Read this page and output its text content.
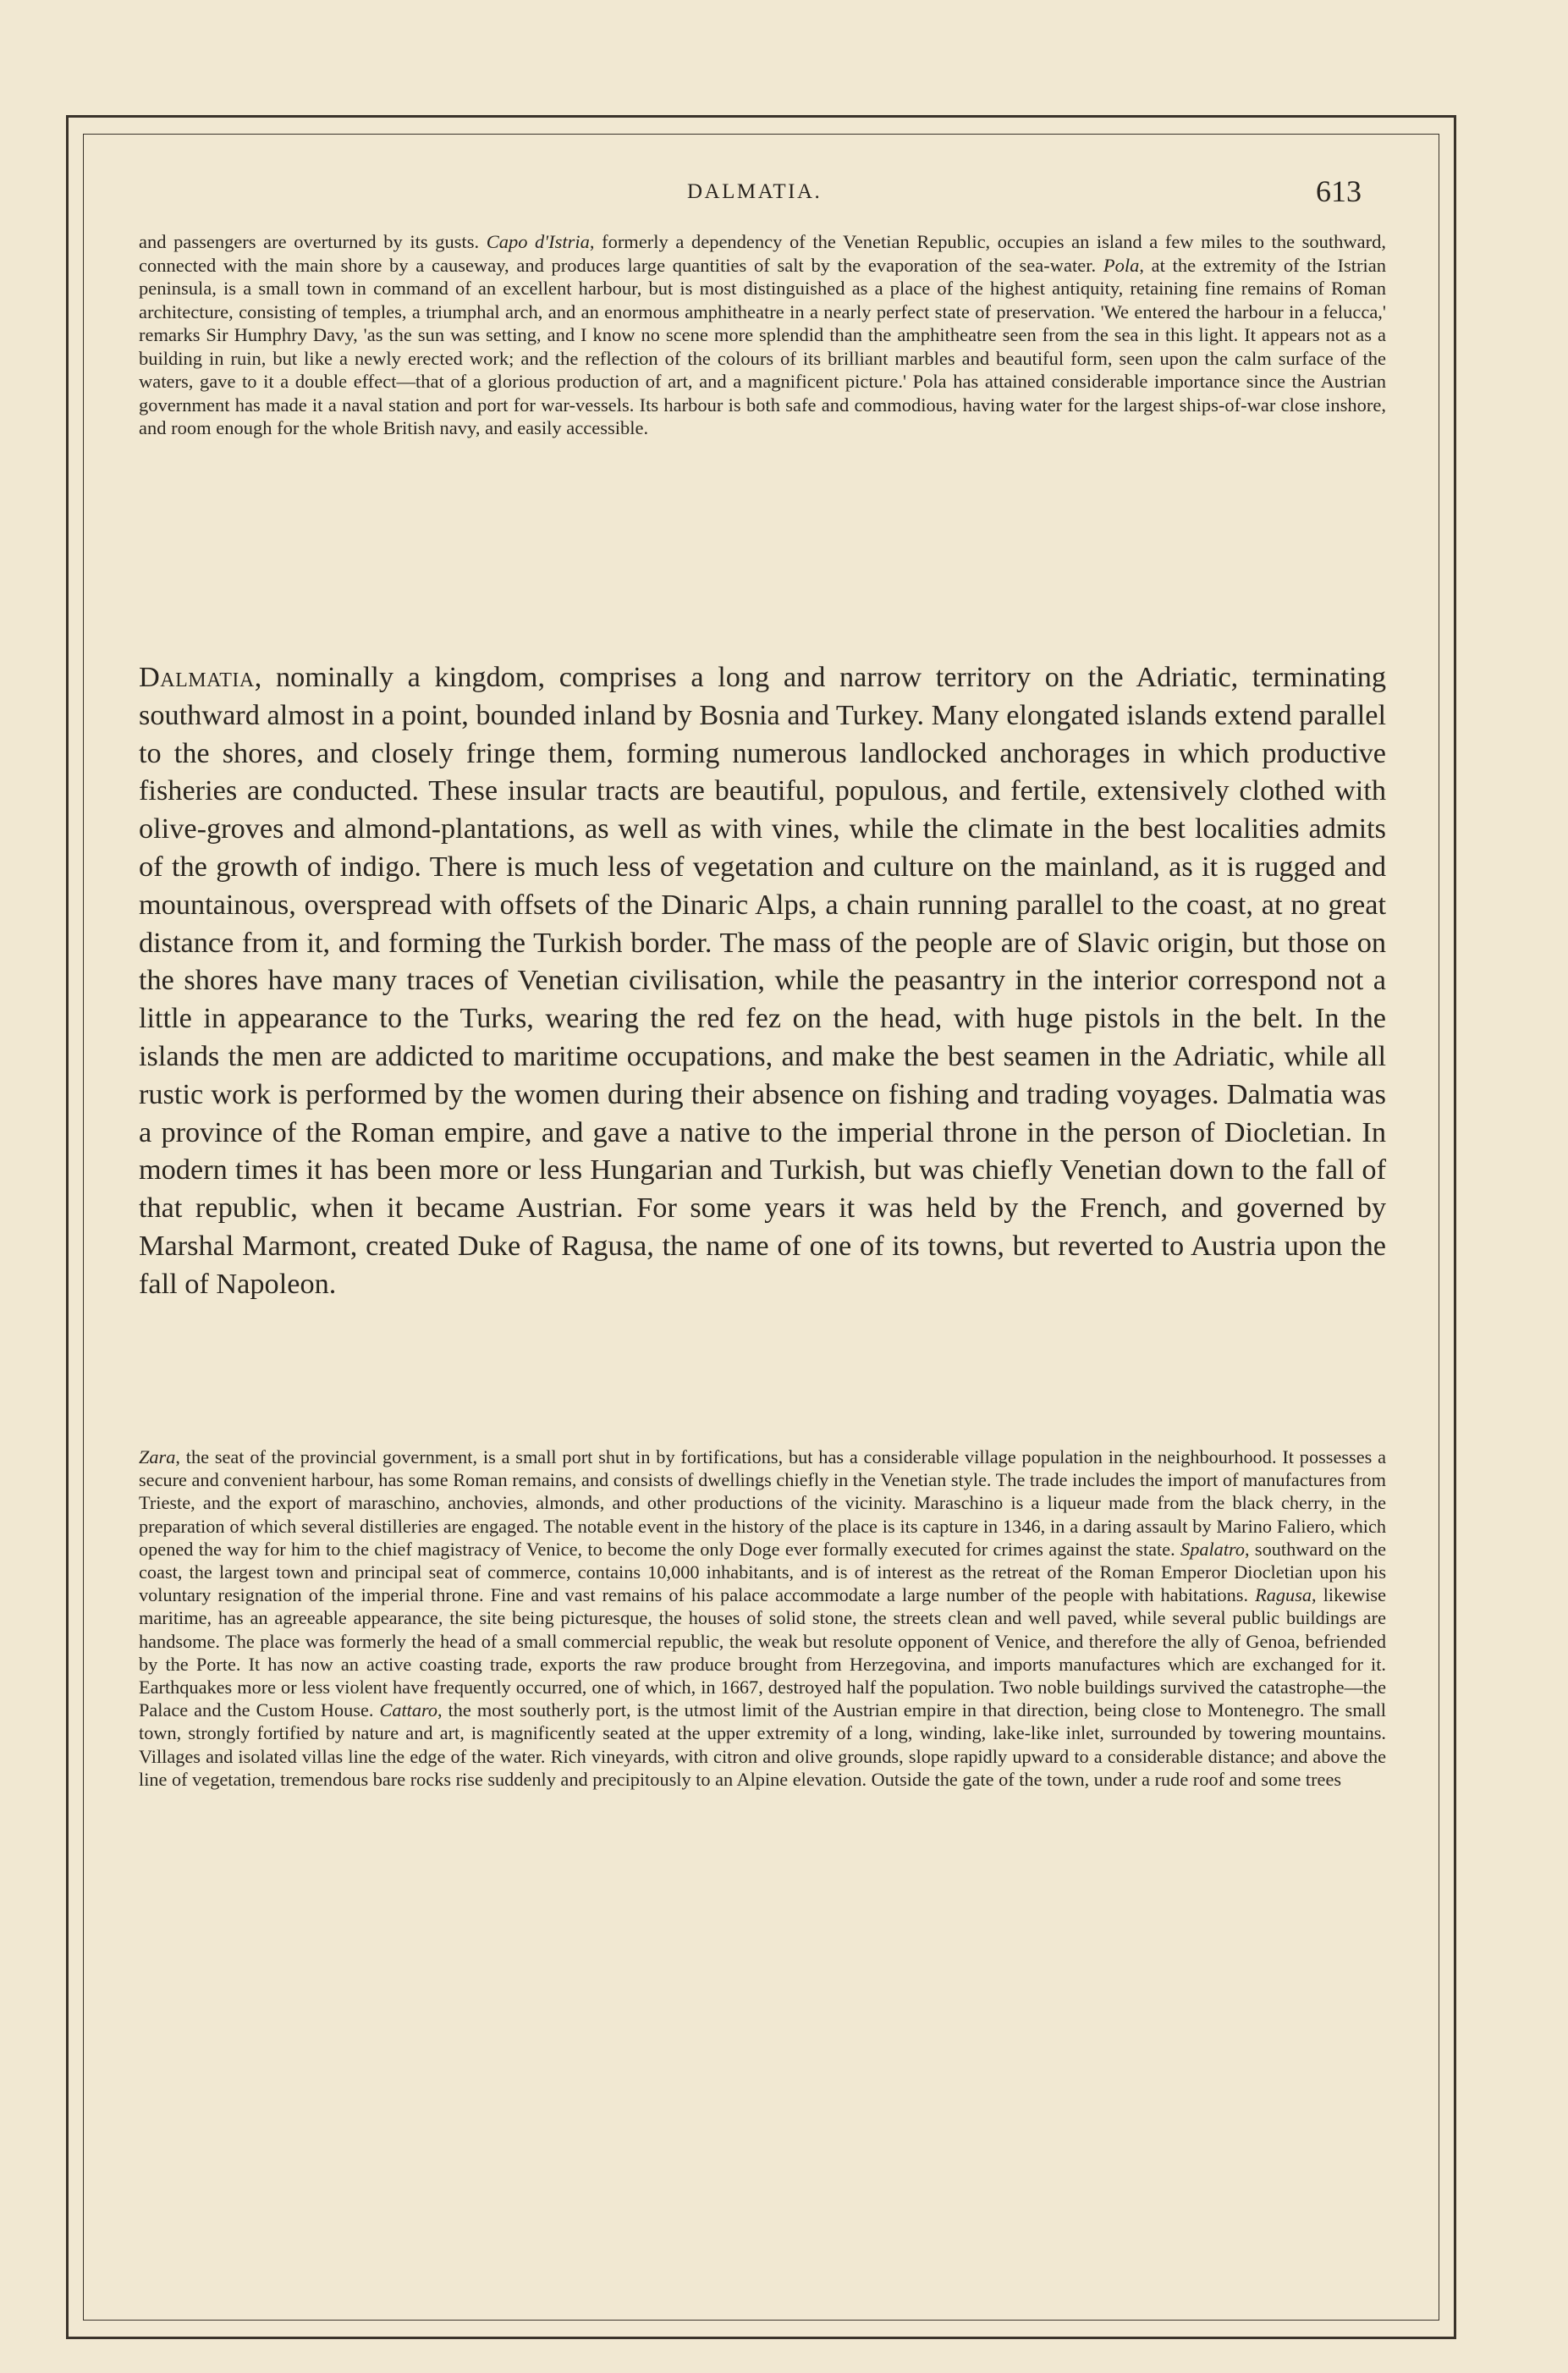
DALMATIA.	613

and passengers are overturned by its gusts. Capo d'Istria, formerly a dependency of the Venetian Republic, occupies an island a few miles to the southward, connected with the main shore by a causeway, and produces large quantities of salt by the evaporation of the sea-water. Pola, at the extremity of the Istrian peninsula, is a small town in command of an excellent harbour, but is most distinguished as a place of the highest antiquity, retaining fine remains of Roman architecture, consisting of temples, a triumphal arch, and an enormous amphitheatre in a nearly perfect state of preservation. 'We entered the harbour in a felucca,' remarks Sir Humphry Davy, 'as the sun was setting, and I know no scene more splendid than the amphitheatre seen from the sea in this light. It appears not as a building in ruin, but like a newly erected work; and the reflection of the colours of its brilliant marbles and beautiful form, seen upon the calm surface of the waters, gave to it a double effect—that of a glorious production of art, and a magnificent picture.' Pola has attained considerable importance since the Austrian government has made it a naval station and port for war-vessels. Its harbour is both safe and commodious, having water for the largest ships-of-war close inshore, and room enough for the whole British navy, and easily accessible.

Dalmatia, nominally a kingdom, comprises a long and narrow territory on the Adriatic, terminating southward almost in a point, bounded inland by Bosnia and Turkey. Many elongated islands extend parallel to the shores, and closely fringe them, forming numerous landlocked anchorages in which productive fisheries are conducted. These insular tracts are beautiful, populous, and fertile, extensively clothed with olive-groves and almond-plantations, as well as with vines, while the climate in the best localities admits of the growth of indigo. There is much less of vegetation and culture on the mainland, as it is rugged and mountainous, overspread with offsets of the Dinaric Alps, a chain running parallel to the coast, at no great distance from it, and forming the Turkish border. The mass of the people are of Slavic origin, but those on the shores have many traces of Venetian civilisation, while the peasantry in the interior correspond not a little in appearance to the Turks, wearing the red fez on the head, with huge pistols in the belt. In the islands the men are addicted to maritime occupations, and make the best seamen in the Adriatic, while all rustic work is performed by the women during their absence on fishing and trading voyages. Dalmatia was a province of the Roman empire, and gave a native to the imperial throne in the person of Diocletian. In modern times it has been more or less Hungarian and Turkish, but was chiefly Venetian down to the fall of that republic, when it became Austrian. For some years it was held by the French, and governed by Marshal Marmont, created Duke of Ragusa, the name of one of its towns, but reverted to Austria upon the fall of Napoleon.

Zara, the seat of the provincial government, is a small port shut in by fortifications, but has a considerable village population in the neighbourhood. It possesses a secure and convenient harbour, has some Roman remains, and consists of dwellings chiefly in the Venetian style. The trade includes the import of manufactures from Trieste, and the export of maraschino, anchovies, almonds, and other productions of the vicinity. Maraschino is a liqueur made from the black cherry, in the preparation of which several distilleries are engaged. The notable event in the history of the place is its capture in 1346, in a daring assault by Marino Faliero, which opened the way for him to the chief magistracy of Venice, to become the only Doge ever formally executed for crimes against the state. Spalatro, southward on the coast, the largest town and principal seat of commerce, contains 10,000 inhabitants, and is of interest as the retreat of the Roman Emperor Diocletian upon his voluntary resignation of the imperial throne. Fine and vast remains of his palace accommodate a large number of the people with habitations. Ragusa, likewise maritime, has an agreeable appearance, the site being picturesque, the houses of solid stone, the streets clean and well paved, while several public buildings are handsome. The place was formerly the head of a small commercial republic, the weak but resolute opponent of Venice, and therefore the ally of Genoa, befriended by the Porte. It has now an active coasting trade, exports the raw produce brought from Herzegovina, and imports manufactures which are exchanged for it. Earthquakes more or less violent have frequently occurred, one of which, in 1667, destroyed half the population. Two noble buildings survived the catastrophe—the Palace and the Custom House. Cattaro, the most southerly port, is the utmost limit of the Austrian empire in that direction, being close to Montenegro. The small town, strongly fortified by nature and art, is magnificently seated at the upper extremity of a long, winding, lake-like inlet, surrounded by towering mountains. Villages and isolated villas line the edge of the water. Rich vineyards, with citron and olive grounds, slope rapidly upward to a considerable distance; and above the line of vegetation, tremendous bare rocks rise suddenly and precipitously to an Alpine elevation. Outside the gate of the town, under a rude roof and some trees
